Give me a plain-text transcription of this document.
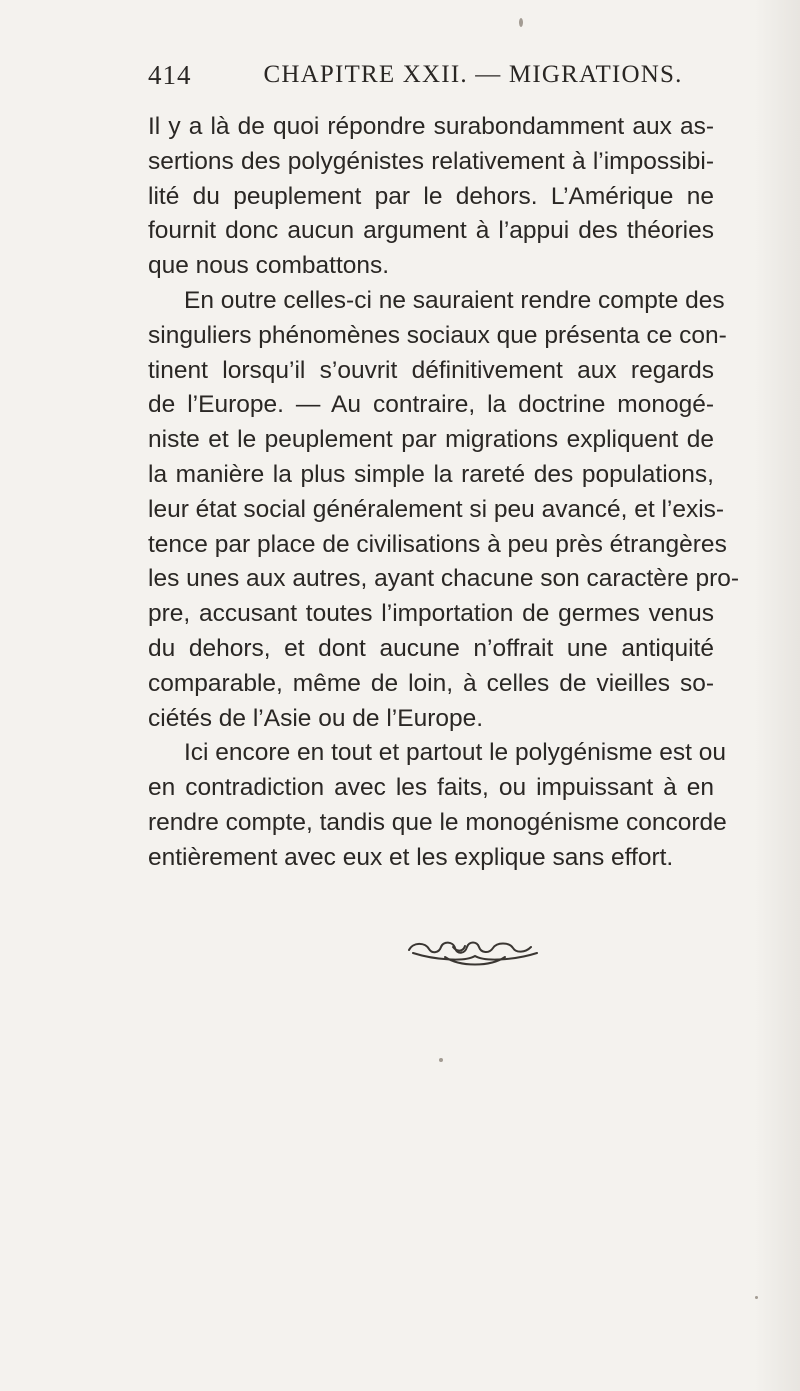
414	CHAPITRE XXII. — MIGRATIONS.
Il y a là de quoi répondre surabondamment aux as-
sertions des polygénistes relativement à l’impossibi-
lité du peuplement par le dehors. L’Amérique ne
fournit donc aucun argument à l’appui des théories
que nous combattons.
En outre celles-ci ne sauraient rendre compte des
singuliers phénomènes sociaux que présenta ce con-
tinent lorsqu’il s’ouvrit définitivement aux regards
de l’Europe. — Au contraire, la doctrine monogé-
niste et le peuplement par migrations expliquent de
la manière la plus simple la rareté des populations,
leur état social généralement si peu avancé, et l’exis-
tence par place de civilisations à peu près étrangères
les unes aux autres, ayant chacune son caractère pro-
pre, accusant toutes l’importation de germes venus
du dehors, et dont aucune n’offrait une antiquité
comparable, même de loin, à celles de vieilles so-
ciétés de l’Asie ou de l’Europe.
Ici encore en tout et partout le polygénisme est ou
en contradiction avec les faits, ou impuissant à en
rendre compte, tandis que le monogénisme concorde
entièrement avec eux et les explique sans effort.
